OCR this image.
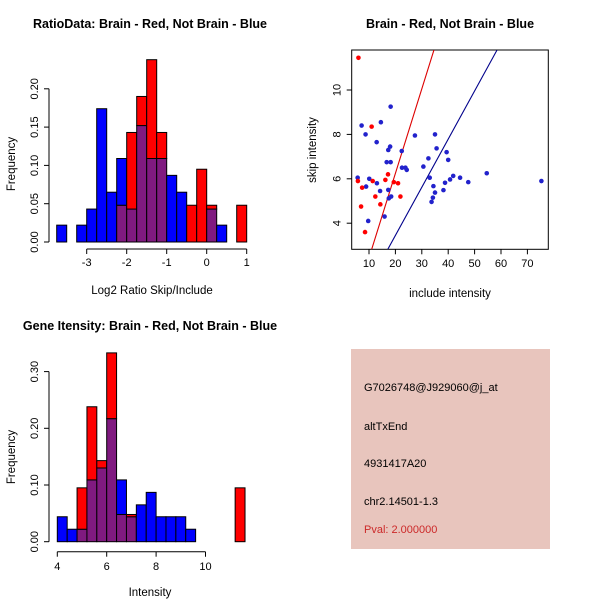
RatioData: Brain - Red, Not Brain - Blue
Log2 Ratio Skip/Include
Frequency
0.00
0.05
0.10
0.15
0.20
-3	-2	-1	0	1
Brain - Red, Not Brain - Blue
include intensity
skip intensity
10 20 30 40 50 60 70
4
6
8
10
Gene Itensity: Brain - Red, Not Brain - Blue
Intensity
Frequency
0.00
0.10
0.20
0.30
4	6	8	10
G7026748@J929060@j_at
altTxEnd
4931417A20
chr2.14501-1.3
Pval: 2.000000
